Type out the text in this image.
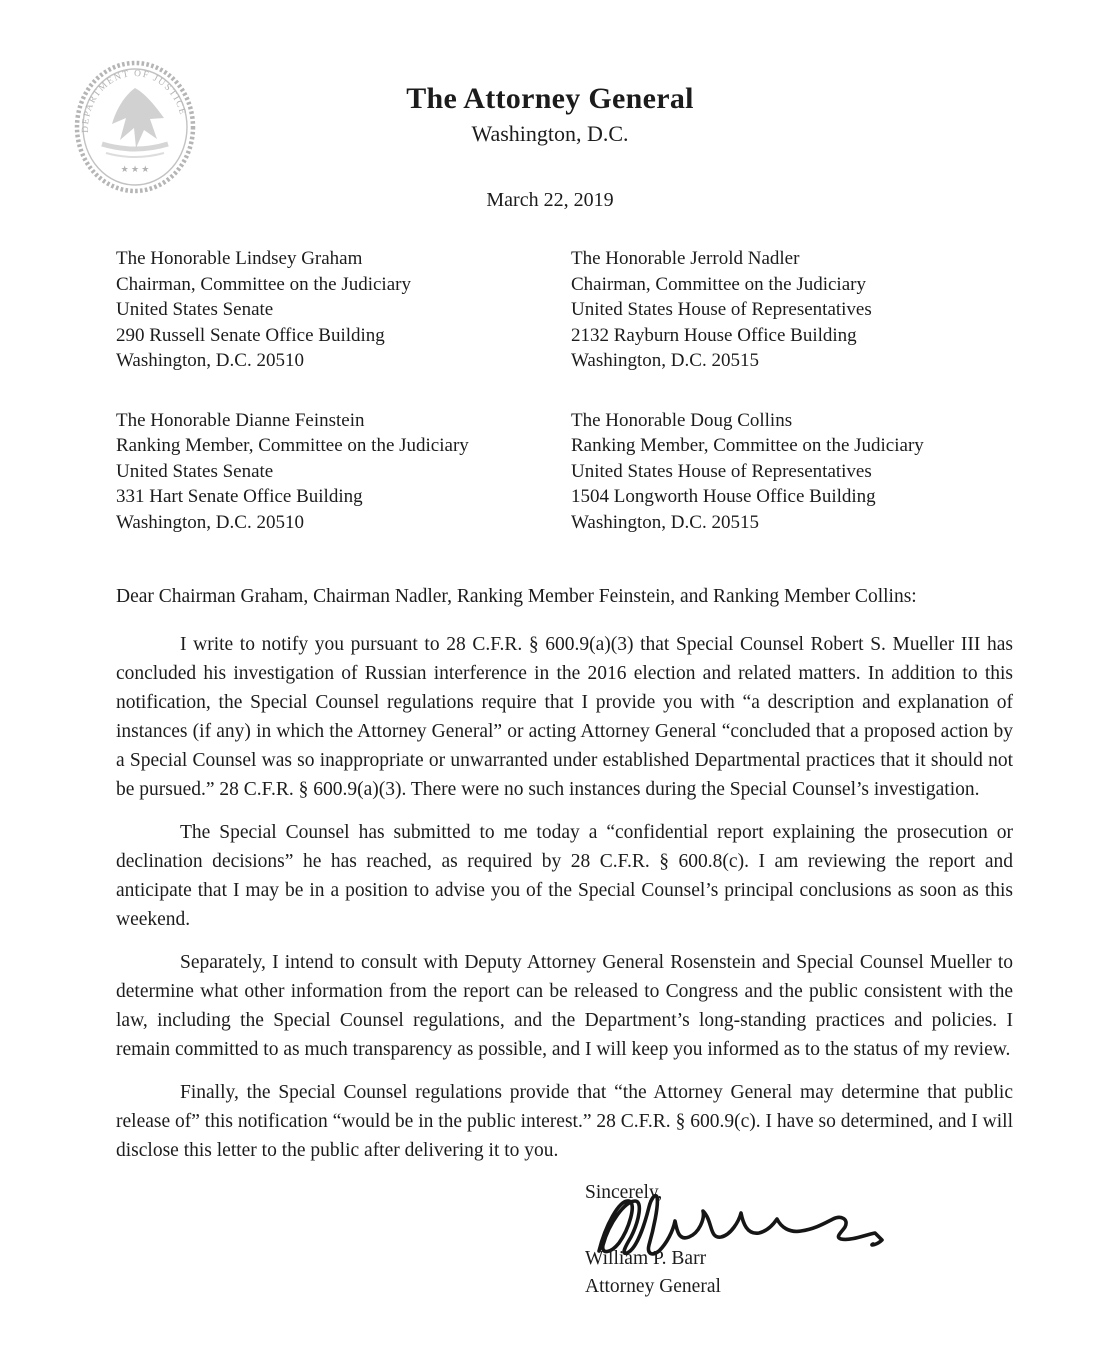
DEPARTMENT OF JUSTICE
★ ★ ★
The Attorney General
Washington, D.C.
March 22, 2019
The Honorable Lindsey Graham
Chairman, Committee on the Judiciary
United States Senate
290 Russell Senate Office Building
Washington, D.C. 20510
The Honorable Jerrold Nadler
Chairman, Committee on the Judiciary
United States House of Representatives
2132 Rayburn House Office Building
Washington, D.C. 20515
The Honorable Dianne Feinstein
Ranking Member, Committee on the Judiciary
United States Senate
331 Hart Senate Office Building
Washington, D.C. 20510
The Honorable Doug Collins
Ranking Member, Committee on the Judiciary
United States House of Representatives
1504 Longworth House Office Building
Washington, D.C. 20515
Dear Chairman Graham, Chairman Nadler, Ranking Member Feinstein, and Ranking Member Collins:

I write to notify you pursuant to 28 C.F.R. § 600.9(a)(3) that Special Counsel Robert S. Mueller III has concluded his investigation of Russian interference in the 2016 election and related matters. In addition to this notification, the Special Counsel regulations require that I provide you with “a description and explanation of instances (if any) in which the Attorney General” or acting Attorney General “concluded that a proposed action by a Special Counsel was so inappropriate or unwarranted under established Departmental practices that it should not be pursued.” 28 C.F.R. § 600.9(a)(3). There were no such instances during the Special Counsel’s investigation.

The Special Counsel has submitted to me today a “confidential report explaining the prosecution or declination decisions” he has reached, as required by 28 C.F.R. § 600.8(c). I am reviewing the report and anticipate that I may be in a position to advise you of the Special Counsel’s principal conclusions as soon as this weekend.

Separately, I intend to consult with Deputy Attorney General Rosenstein and Special Counsel Mueller to determine what other information from the report can be released to Congress and the public consistent with the law, including the Special Counsel regulations, and the Department’s long-standing practices and policies. I remain committed to as much transparency as possible, and I will keep you informed as to the status of my review.

Finally, the Special Counsel regulations provide that “the Attorney General may determine that public release of” this notification “would be in the public interest.” 28 C.F.R. § 600.9(c). I have so determined, and I will disclose this letter to the public after delivering it to you.

Sincerely,
William P. Barr
Attorney General
